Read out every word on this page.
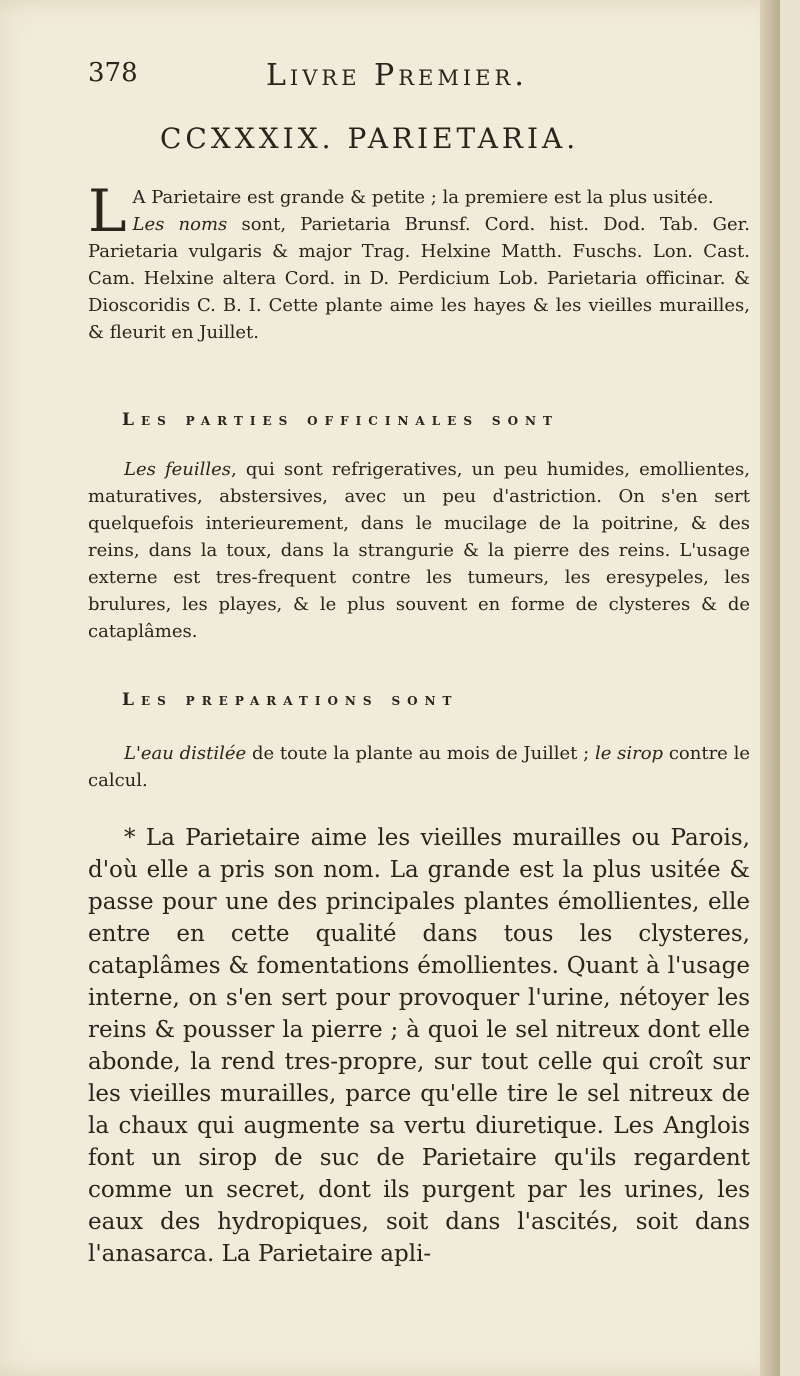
378	Livre Premier.
CCXXXIX. PARIETARIA.
L A Parietaire est grande & petite ; la premiere est la plus usitée.
Les noms sont, Parietaria Brunsf. Cord. hist. Dod. Tab. Ger. Parietaria vulgaris & major Trag. Helxine Matth. Fuschs. Lon. Cast. Cam. Helxine altera Cord. in D. Perdicium Lob. Parietaria officinar. & Dioscoridis C. B. I. Cette plante aime les hayes & les vieilles murailles, & fleurit en Juillet.
Les parties officinales sont
Les feuilles, qui sont refrigeratives, un peu humides, emollientes, maturatives, abstersives, avec un peu d'astriction. On s'en sert quelquefois interieurement, dans le mucilage de la poitrine, & des reins, dans la toux, dans la strangurie & la pierre des reins. L'usage externe est tres-frequent contre les tumeurs, les eresypeles, les brulures, les playes, & le plus souvent en forme de clysteres & de cataplâmes.
Les preparations sont
L'eau distilée de toute la plante au mois de Juillet ; le sirop contre le calcul.
* La Parietaire aime les vieilles murailles ou Parois, d'où elle a pris son nom. La grande est la plus usitée & passe pour une des principales plantes émollientes, elle entre en cette qualité dans tous les clysteres, cataplâmes & fomentations émollientes. Quant à l'usage interne, on s'en sert pour provoquer l'urine, nétoyer les reins & pousser la pierre ; à quoi le sel nitreux dont elle abonde, la rend tres-propre, sur tout celle qui croît sur les vieilles murailles, parce qu'elle tire le sel nitreux de la chaux qui augmente sa vertu diuretique. Les Anglois font un sirop de suc de Parietaire qu'ils regardent comme un secret, dont ils purgent par les urines, les eaux des hydropiques, soit dans l'ascités, soit dans l'anasarca. La Parietaire apli-
